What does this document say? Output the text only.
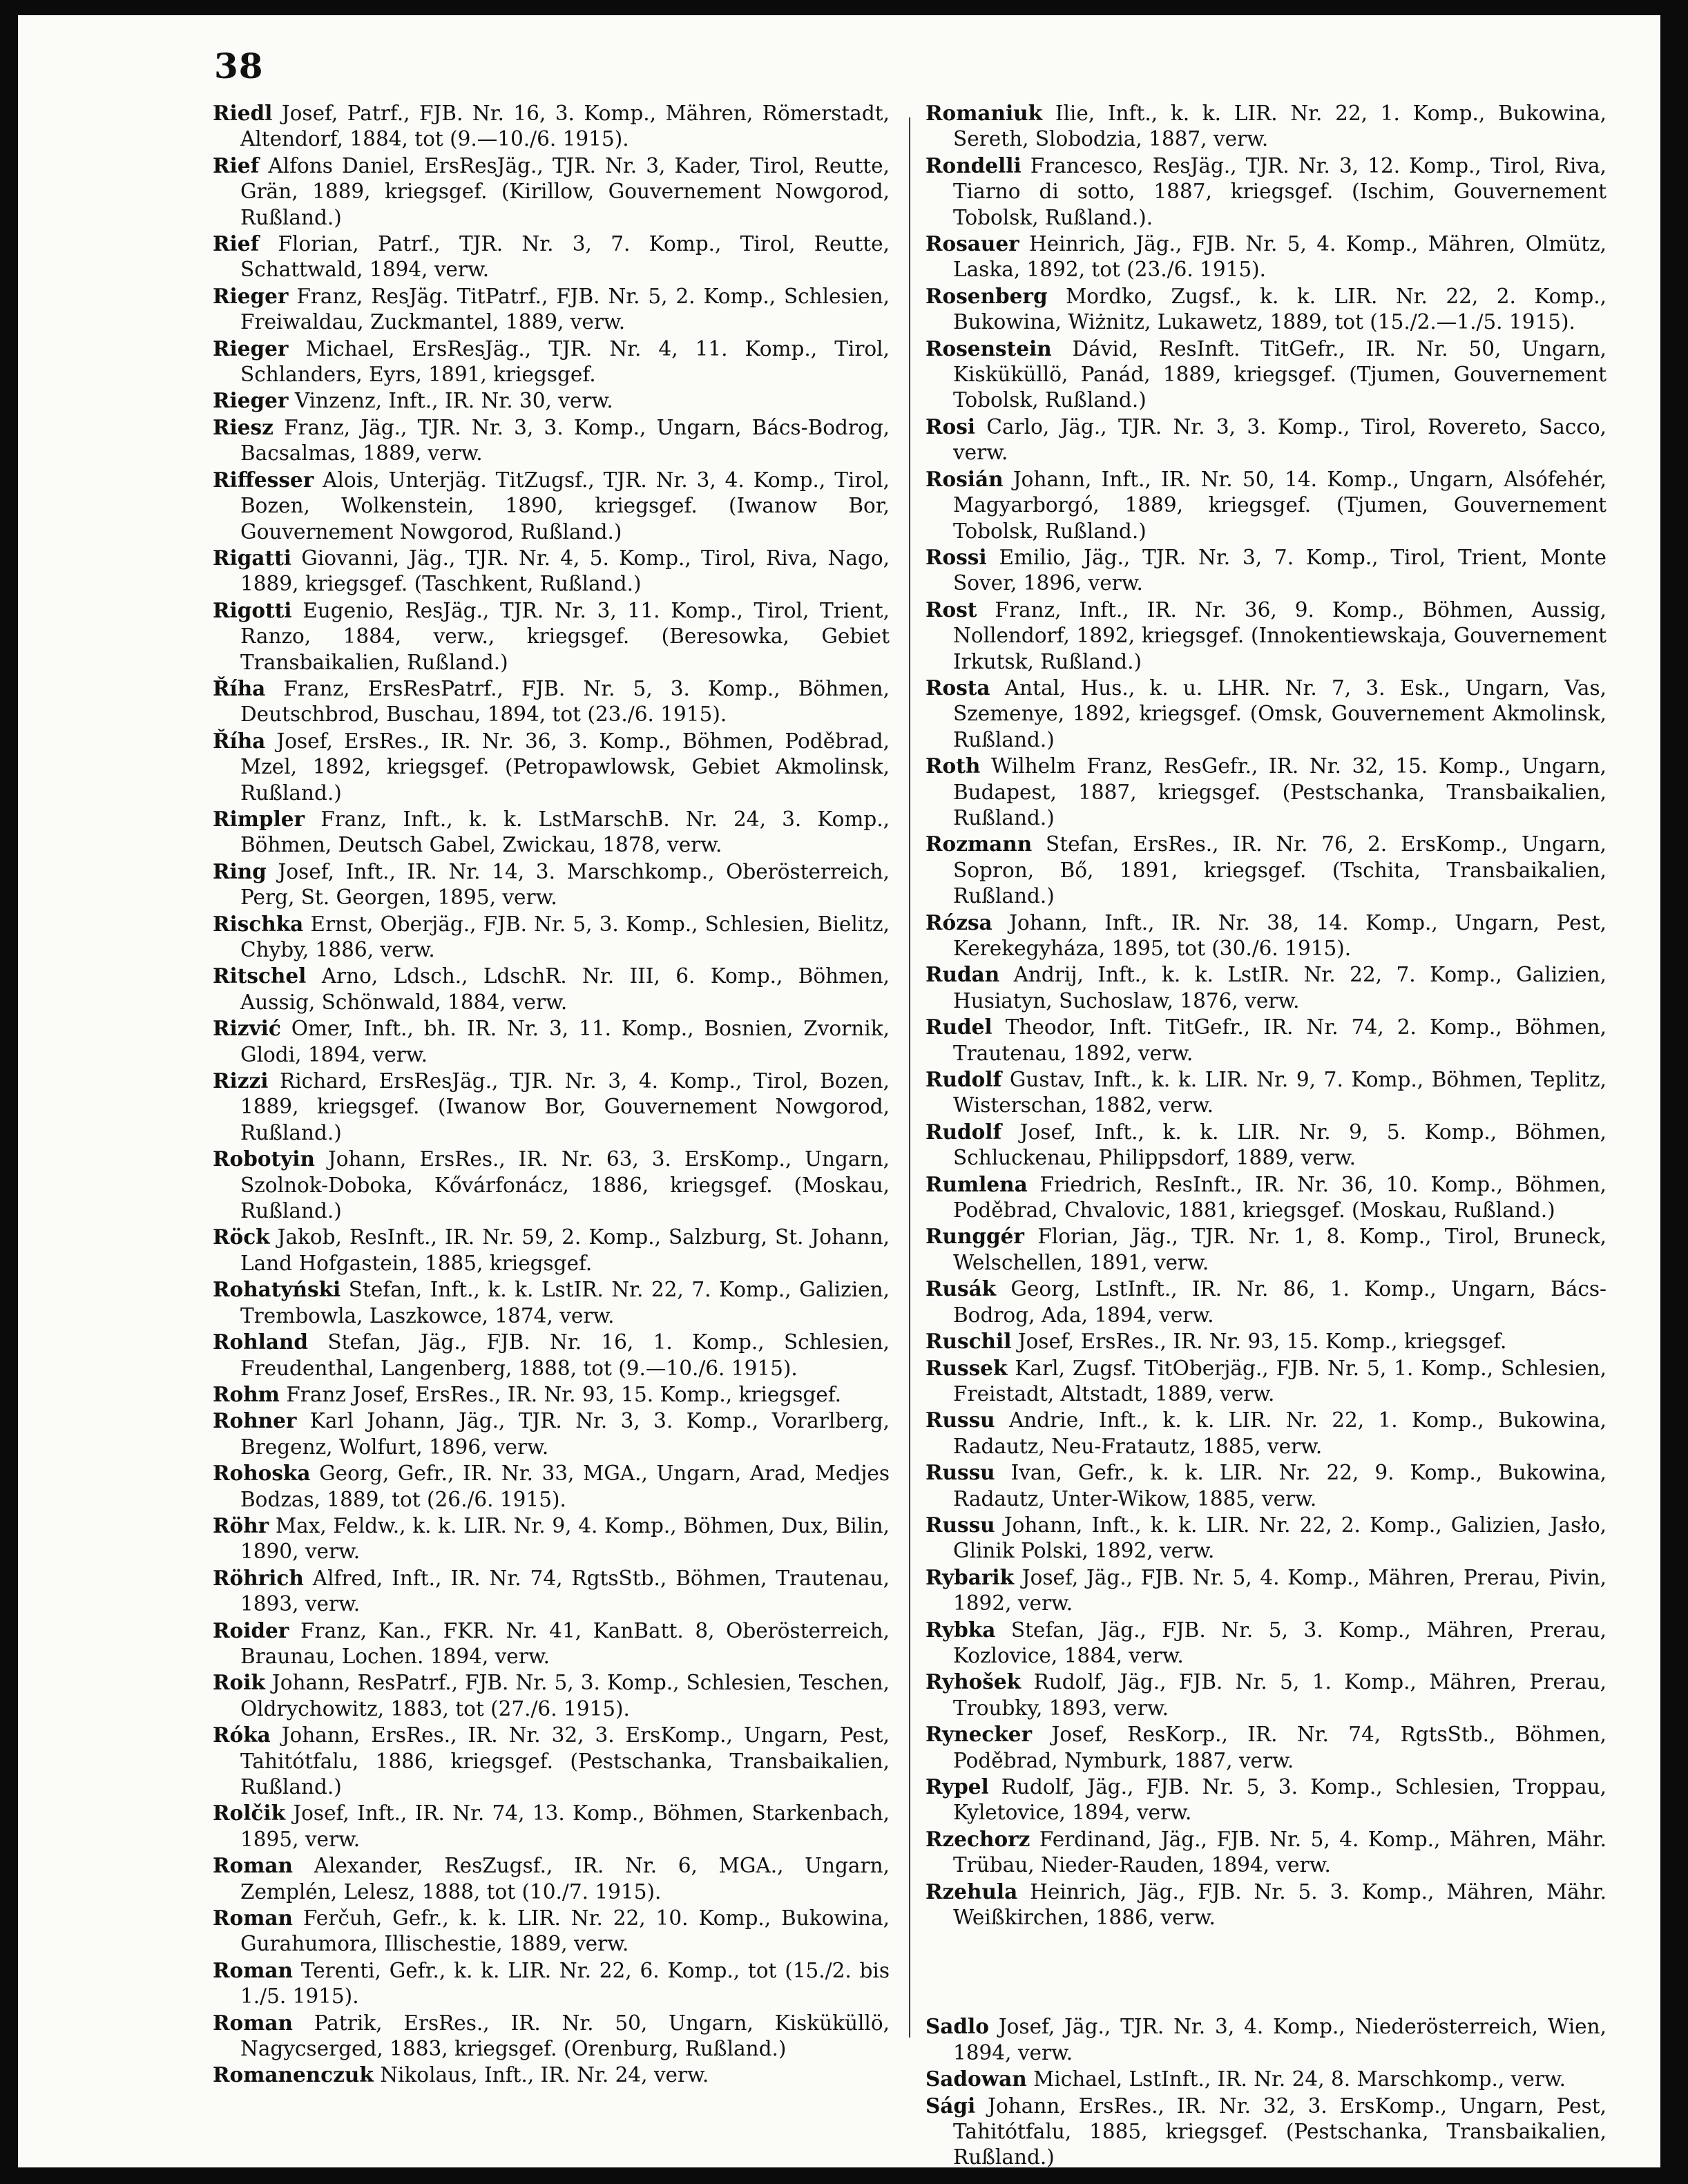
38

Riedl Josef, Patrf., FJB. Nr. 16, 3. Komp., Mähren, Römerstadt, Altendorf, 1884, tot (9.—10./6. 1915).

Rief Alfons Daniel, ErsResJäg., TJR. Nr. 3, Kader, Tirol, Reutte, Grän, 1889, kriegsgef. (Kirillow, Gouvernement Nowgorod, Rußland.)

Rief Florian, Patrf., TJR. Nr. 3, 7. Komp., Tirol, Reutte, Schattwald, 1894, verw.

Rieger Franz, ResJäg. TitPatrf., FJB. Nr. 5, 2. Komp., Schlesien, Freiwaldau, Zuckmantel, 1889, verw.

Rieger Michael, ErsResJäg., TJR. Nr. 4, 11. Komp., Tirol, Schlanders, Eyrs, 1891, kriegsgef.

Rieger Vinzenz, Inft., IR. Nr. 30, verw.

Riesz Franz, Jäg., TJR. Nr. 3, 3. Komp., Ungarn, Bács-Bodrog, Bacsalmas, 1889, verw.

Riffesser Alois, Unterjäg. TitZugsf., TJR. Nr. 3, 4. Komp., Tirol, Bozen, Wolkenstein, 1890, kriegsgef. (Iwanow Bor, Gouvernement Nowgorod, Rußland.)

Rigatti Giovanni, Jäg., TJR. Nr. 4, 5. Komp., Tirol, Riva, Nago, 1889, kriegsgef. (Taschkent, Rußland.)

Rigotti Eugenio, ResJäg., TJR. Nr. 3, 11. Komp., Tirol, Trient, Ranzo, 1884, verw., kriegsgef. (Beresowka, Gebiet Transbaikalien, Rußland.)

Říha Franz, ErsResPatrf., FJB. Nr. 5, 3. Komp., Böhmen, Deutschbrod, Buschau, 1894, tot (23./6. 1915).

Říha Josef, ErsRes., IR. Nr. 36, 3. Komp., Böhmen, Poděbrad, Mzel, 1892, kriegsgef. (Petropawlowsk, Gebiet Akmolinsk, Rußland.)

Rimpler Franz, Inft., k. k. LstMarschB. Nr. 24, 3. Komp., Böhmen, Deutsch Gabel, Zwickau, 1878, verw.

Ring Josef, Inft., IR. Nr. 14, 3. Marschkomp., Oberösterreich, Perg, St. Georgen, 1895, verw.

Rischka Ernst, Oberjäg., FJB. Nr. 5, 3. Komp., Schlesien, Bielitz, Chyby, 1886, verw.

Ritschel Arno, Ldsch., LdschR. Nr. III, 6. Komp., Böhmen, Aussig, Schönwald, 1884, verw.

Rizvić Omer, Inft., bh. IR. Nr. 3, 11. Komp., Bosnien, Zvornik, Glodi, 1894, verw.

Rizzi Richard, ErsResJäg., TJR. Nr. 3, 4. Komp., Tirol, Bozen, 1889, kriegsgef. (Iwanow Bor, Gouvernement Nowgorod, Rußland.)

Robotyin Johann, ErsRes., IR. Nr. 63, 3. ErsKomp., Ungarn, Szolnok-Doboka, Kővárfonácz, 1886, kriegsgef. (Moskau, Rußland.)

Röck Jakob, ResInft., IR. Nr. 59, 2. Komp., Salzburg, St. Johann, Land Hofgastein, 1885, kriegsgef.

Rohatyński Stefan, Inft., k. k. LstIR. Nr. 22, 7. Komp., Galizien, Trembowla, Laszkowce, 1874, verw.

Rohland Stefan, Jäg., FJB. Nr. 16, 1. Komp., Schlesien, Freudenthal, Langenberg, 1888, tot (9.—10./6. 1915).

Rohm Franz Josef, ErsRes., IR. Nr. 93, 15. Komp., kriegsgef.

Rohner Karl Johann, Jäg., TJR. Nr. 3, 3. Komp., Vorarlberg, Bregenz, Wolfurt, 1896, verw.

Rohoska Georg, Gefr., IR. Nr. 33, MGA., Ungarn, Arad, Medjes Bodzas, 1889, tot (26./6. 1915).

Röhr Max, Feldw., k. k. LIR. Nr. 9, 4. Komp., Böhmen, Dux, Bilin, 1890, verw.

Röhrich Alfred, Inft., IR. Nr. 74, RgtsStb., Böhmen, Trautenau, 1893, verw.

Roider Franz, Kan., FKR. Nr. 41, KanBatt. 8, Oberösterreich, Braunau, Lochen. 1894, verw.

Roik Johann, ResPatrf., FJB. Nr. 5, 3. Komp., Schlesien, Teschen, Oldrychowitz, 1883, tot (27./6. 1915).

Róka Johann, ErsRes., IR. Nr. 32, 3. ErsKomp., Ungarn, Pest, Tahitótfalu, 1886, kriegsgef. (Pestschanka, Transbaikalien, Rußland.)

Rolčik Josef, Inft., IR. Nr. 74, 13. Komp., Böhmen, Starkenbach, 1895, verw.

Roman Alexander, ResZugsf., IR. Nr. 6, MGA., Ungarn, Zemplén, Lelesz, 1888, tot (10./7. 1915).

Roman Ferčuh, Gefr., k. k. LIR. Nr. 22, 10. Komp., Bukowina, Gurahumora, Illischestie, 1889, verw.

Roman Terenti, Gefr., k. k. LIR. Nr. 22, 6. Komp., tot (15./2. bis 1./5. 1915).

Roman Patrik, ErsRes., IR. Nr. 50, Ungarn, Kisküküllö, Nagycserged, 1883, kriegsgef. (Orenburg, Rußland.)

Romanenczuk Nikolaus, Inft., IR. Nr. 24, verw.

Romaniuk Ilie, Inft., k. k. LIR. Nr. 22, 1. Komp., Bukowina, Sereth, Slobodzia, 1887, verw.

Rondelli Francesco, ResJäg., TJR. Nr. 3, 12. Komp., Tirol, Riva, Tiarno di sotto, 1887, kriegsgef. (Ischim, Gouvernement Tobolsk, Rußland.).

Rosauer Heinrich, Jäg., FJB. Nr. 5, 4. Komp., Mähren, Olmütz, Laska, 1892, tot (23./6. 1915).

Rosenberg Mordko, Zugsf., k. k. LIR. Nr. 22, 2. Komp., Bukowina, Wiżnitz, Lukawetz, 1889, tot (15./2.—1./5. 1915).

Rosenstein Dávid, ResInft. TitGefr., IR. Nr. 50, Ungarn, Kisküküllö, Panád, 1889, kriegsgef. (Tjumen, Gouvernement Tobolsk, Rußland.)

Rosi Carlo, Jäg., TJR. Nr. 3, 3. Komp., Tirol, Rovereto, Sacco, verw.

Rosián Johann, Inft., IR. Nr. 50, 14. Komp., Ungarn, Alsófehér, Magyarborgó, 1889, kriegsgef. (Tjumen, Gouvernement Tobolsk, Rußland.)

Rossi Emilio, Jäg., TJR. Nr. 3, 7. Komp., Tirol, Trient, Monte Sover, 1896, verw.

Rost Franz, Inft., IR. Nr. 36, 9. Komp., Böhmen, Aussig, Nollendorf, 1892, kriegsgef. (Innokentiewskaja, Gouvernement Irkutsk, Rußland.)

Rosta Antal, Hus., k. u. LHR. Nr. 7, 3. Esk., Ungarn, Vas, Szemenye, 1892, kriegsgef. (Omsk, Gouvernement Akmolinsk, Rußland.)

Roth Wilhelm Franz, ResGefr., IR. Nr. 32, 15. Komp., Ungarn, Budapest, 1887, kriegsgef. (Pestschanka, Transbaikalien, Rußland.)

Rozmann Stefan, ErsRes., IR. Nr. 76, 2. ErsKomp., Ungarn, Sopron, Bő, 1891, kriegsgef. (Tschita, Transbaikalien, Rußland.)

Rózsa Johann, Inft., IR. Nr. 38, 14. Komp., Ungarn, Pest, Kerekegyháza, 1895, tot (30./6. 1915).

Rudan Andrij, Inft., k. k. LstIR. Nr. 22, 7. Komp., Galizien, Husiatyn, Suchoslaw, 1876, verw.

Rudel Theodor, Inft. TitGefr., IR. Nr. 74, 2. Komp., Böhmen, Trautenau, 1892, verw.

Rudolf Gustav, Inft., k. k. LIR. Nr. 9, 7. Komp., Böhmen, Teplitz, Wisterschan, 1882, verw.

Rudolf Josef, Inft., k. k. LIR. Nr. 9, 5. Komp., Böhmen, Schluckenau, Philippsdorf, 1889, verw.

Rumlena Friedrich, ResInft., IR. Nr. 36, 10. Komp., Böhmen, Poděbrad, Chvalovic, 1881, kriegsgef. (Moskau, Rußland.)

Runggér Florian, Jäg., TJR. Nr. 1, 8. Komp., Tirol, Bruneck, Welschellen, 1891, verw.

Rusák Georg, LstInft., IR. Nr. 86, 1. Komp., Ungarn, Bács-Bodrog, Ada, 1894, verw.

Ruschil Josef, ErsRes., IR. Nr. 93, 15. Komp., kriegsgef.

Russek Karl, Zugsf. TitOberjäg., FJB. Nr. 5, 1. Komp., Schlesien, Freistadt, Altstadt, 1889, verw.

Russu Andrie, Inft., k. k. LIR. Nr. 22, 1. Komp., Bukowina, Radautz, Neu-Fratautz, 1885, verw.

Russu Ivan, Gefr., k. k. LIR. Nr. 22, 9. Komp., Bukowina, Radautz, Unter-Wikow, 1885, verw.

Russu Johann, Inft., k. k. LIR. Nr. 22, 2. Komp., Galizien, Jasło, Glinik Polski, 1892, verw.

Rybarik Josef, Jäg., FJB. Nr. 5, 4. Komp., Mähren, Prerau, Pivin, 1892, verw.

Rybka Stefan, Jäg., FJB. Nr. 5, 3. Komp., Mähren, Prerau, Kozlovice, 1884, verw.

Ryhošek Rudolf, Jäg., FJB. Nr. 5, 1. Komp., Mähren, Prerau, Troubky, 1893, verw.

Rynecker Josef, ResKorp., IR. Nr. 74, RgtsStb., Böhmen, Poděbrad, Nymburk, 1887, verw.

Rypel Rudolf, Jäg., FJB. Nr. 5, 3. Komp., Schlesien, Troppau, Kyletovice, 1894, verw.

Rzechorz Ferdinand, Jäg., FJB. Nr. 5, 4. Komp., Mähren, Mähr. Trübau, Nieder-Rauden, 1894, verw.

Rzehula Heinrich, Jäg., FJB. Nr. 5. 3. Komp., Mähren, Mähr. Weißkirchen, 1886, verw.

Sadlo Josef, Jäg., TJR. Nr. 3, 4. Komp., Niederösterreich, Wien, 1894, verw.

Sadowan Michael, LstInft., IR. Nr. 24, 8. Marschkomp., verw.

Sági Johann, ErsRes., IR. Nr. 32, 3. ErsKomp., Ungarn, Pest, Tahitótfalu, 1885, kriegsgef. (Pestschanka, Transbaikalien, Rußland.)
